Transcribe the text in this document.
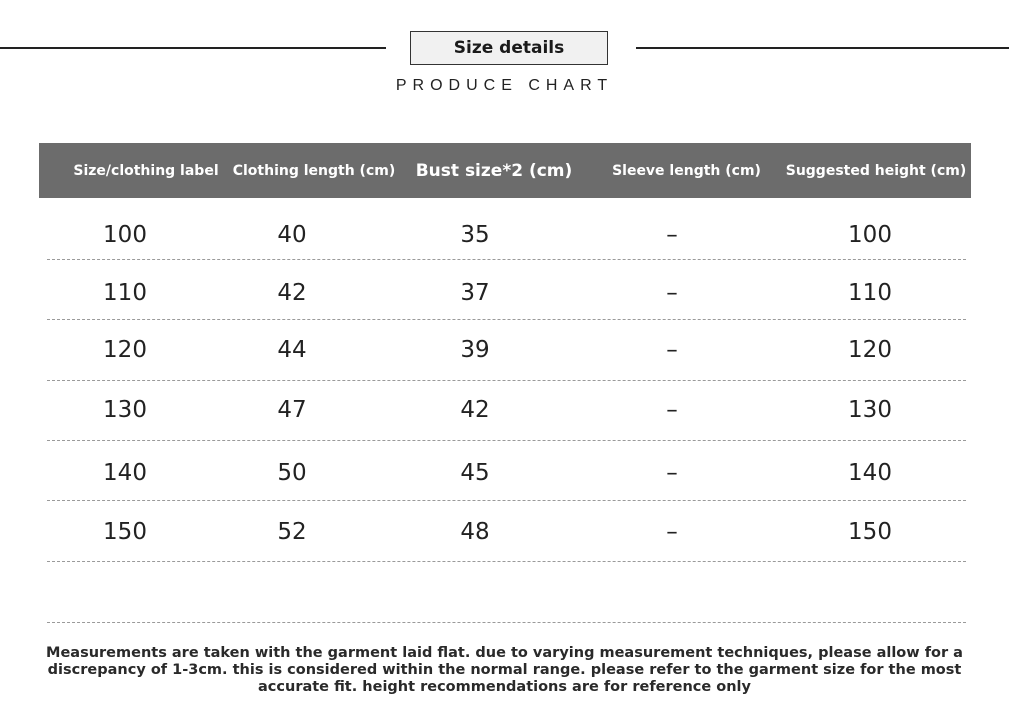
Size details
PRODUCE CHART
Size/clothing label	Clothing length (cm)	Bust size*2 (cm)	Sleeve length (cm)	Suggested height (cm)
100	40	35	–	100
110	42	37	–	110
120	44	39	–	120
130	47	42	–	130
140	50	45	–	140
150	52	48	–	150
Measurements are taken with the garment laid flat. due to varying measurement techniques, please allow for a discrepancy of 1-3cm. this is considered within the normal range. please refer to the garment size for the most accurate fit. height recommendations are for reference only
